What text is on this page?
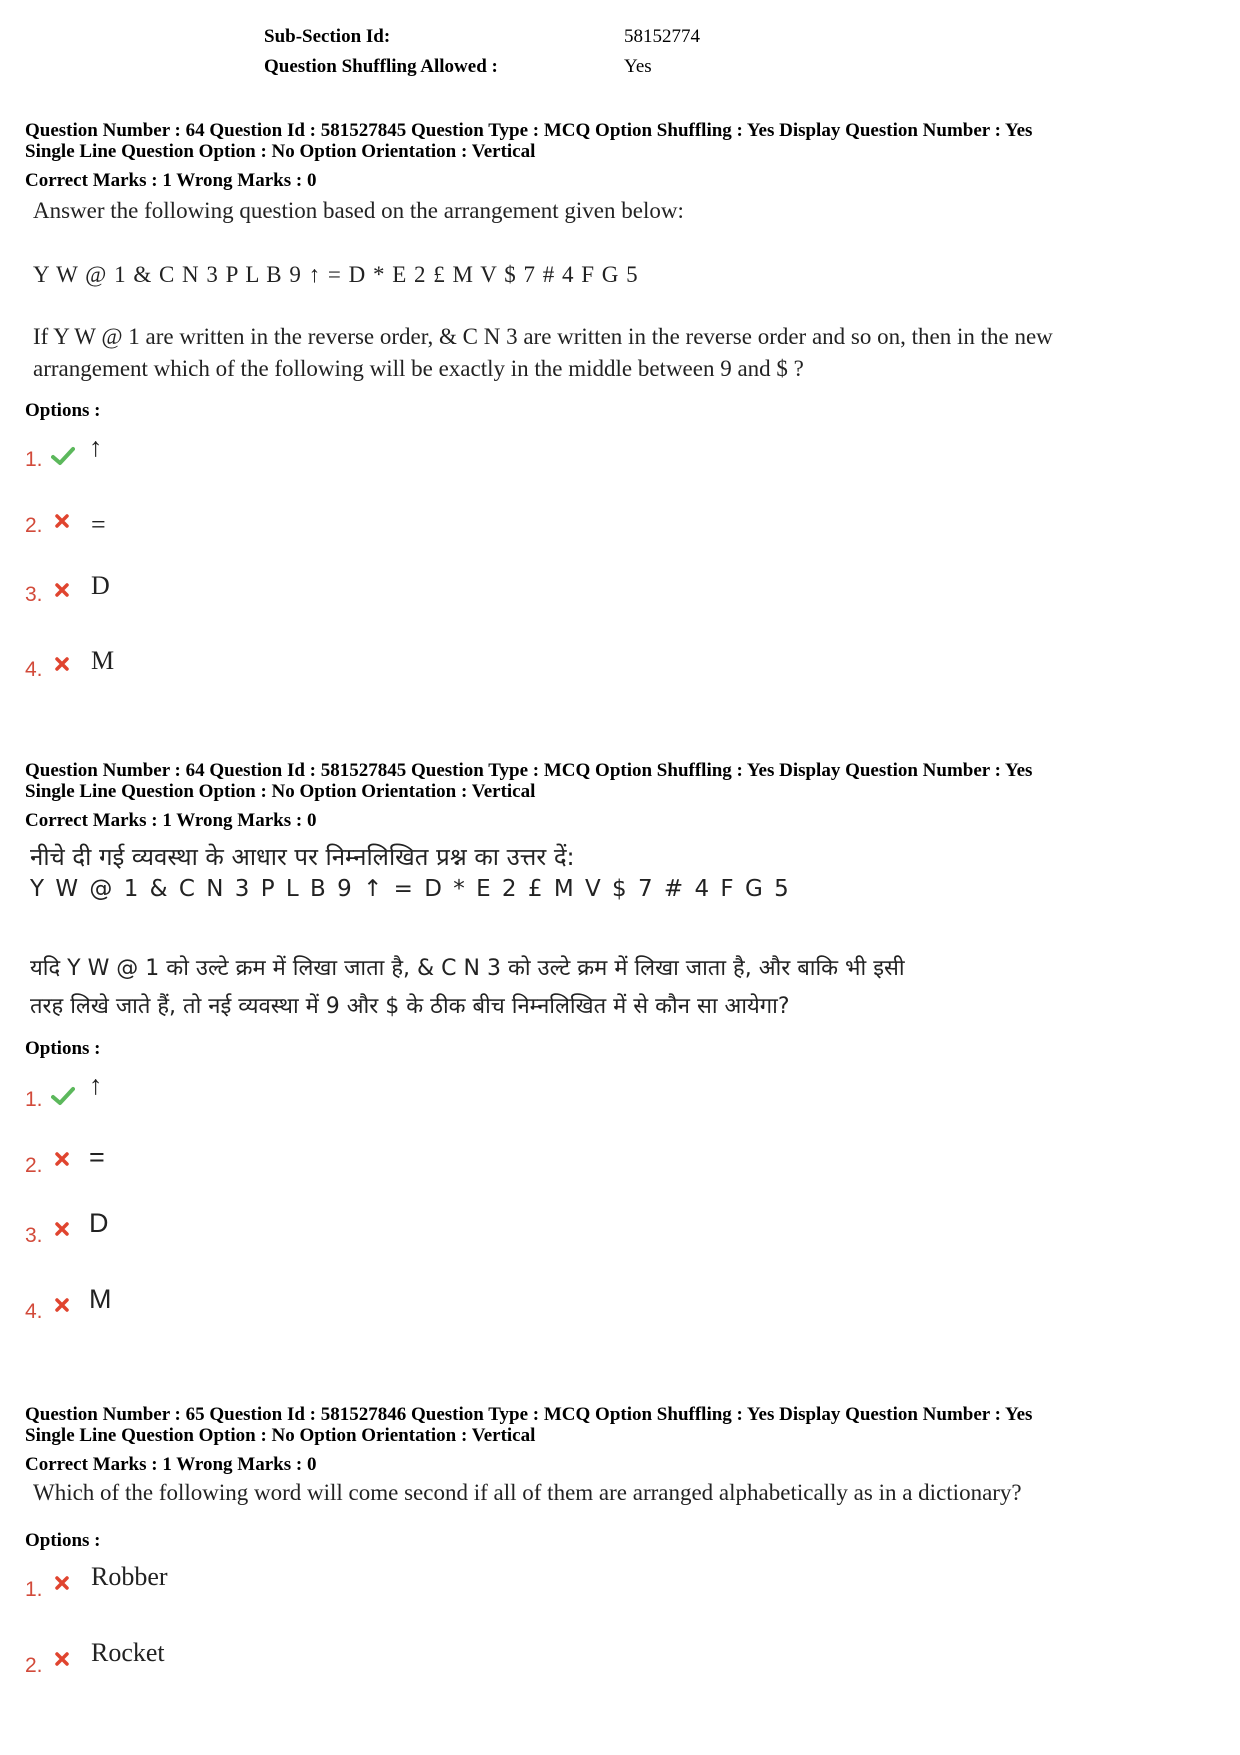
Sub-Section Id:	58152774
Question Shuffling Allowed :	Yes
Question Number : 64 Question Id : 581527845 Question Type : MCQ Option Shuffling : Yes Display Question Number : Yes
Single Line Question Option : No Option Orientation : Vertical
Correct Marks : 1 Wrong Marks : 0
Answer the following question based on the arrangement given below:
Y W @ 1 & C N 3 P L B 9 ↑ = D * E 2 £ M V $ 7 # 4 F G 5
If Y W @ 1 are written in the reverse order, & C N 3 are written in the reverse order and so on, then in the new
arrangement which of the following will be exactly in the middle between 9 and $ ?
Options :
1. ↑
2. =
3. D
4. M
Question Number : 64 Question Id : 581527845 Question Type : MCQ Option Shuffling : Yes Display Question Number : Yes
Single Line Question Option : No Option Orientation : Vertical
Correct Marks : 1 Wrong Marks : 0
नीचे दी गई व्यवस्था के आधार पर निम्नलिखित प्रश्न का उत्तर दें:
Y W @ 1 & C N 3 P L B 9 ↑ = D * E 2 £ M V $ 7 # 4 F G 5
यदि Y W @ 1 को उल्टे क्रम में लिखा जाता है, & C N 3 को उल्टे क्रम में लिखा जाता है, और बाकि भी इसी
तरह लिखे जाते हैं, तो नई व्यवस्था में 9 और $ के ठीक बीच निम्नलिखित में से कौन सा आयेगा?
Options :
1. ↑
2. =
3. D
4. M
Question Number : 65 Question Id : 581527846 Question Type : MCQ Option Shuffling : Yes Display Question Number : Yes
Single Line Question Option : No Option Orientation : Vertical
Correct Marks : 1 Wrong Marks : 0
Which of the following word will come second if all of them are arranged alphabetically as in a dictionary?
Options :
1. Robber
2. Rocket
